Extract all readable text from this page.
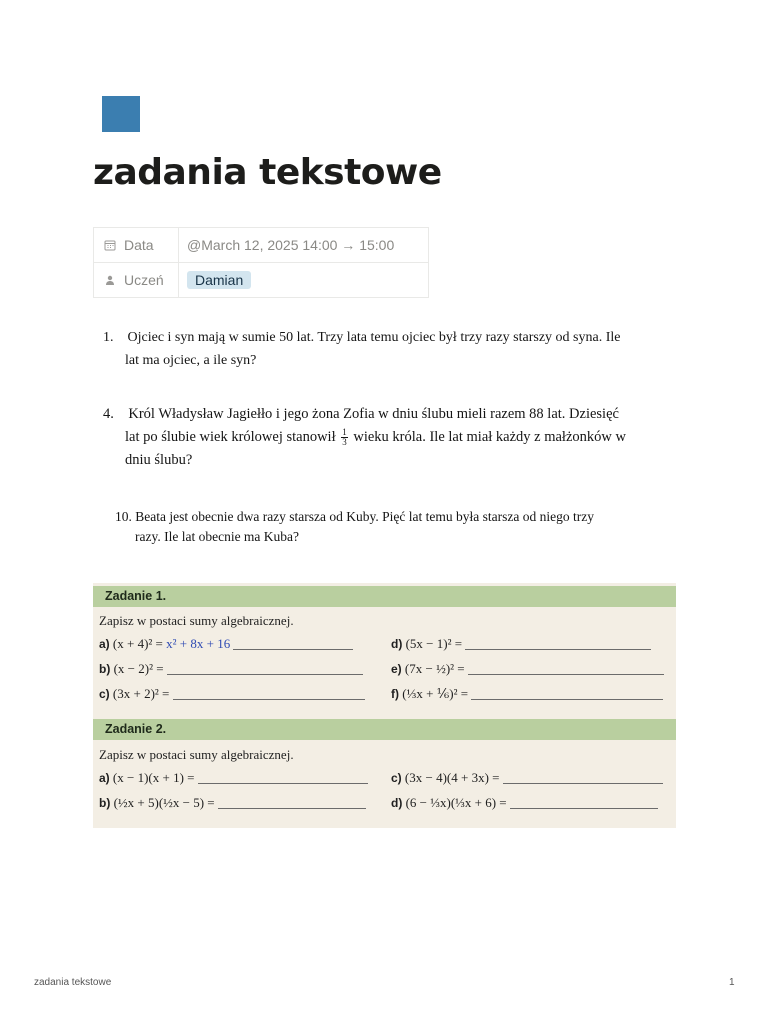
zadania tekstowe
Data	@March 12, 2025 14:00 → 15:00

Uczeń	Damian

1. Ojciec i syn mają w sumie 50 lat. Trzy lata temu ojciec był trzy razy starszy od syna. Ile

lat ma ojciec, a ile syn?

4. Król Władysław Jagiełło i jego żona Zofia w dniu ślubu mieli razem 88 lat. Dziesięć

lat po ślubie wiek królowej stanowił $\frac{1}{3}$ wieku króla. Ile lat miał każdy z małżonków w

dniu ślubu?

10. Beata jest obecnie dwa razy starsza od Kuby. Pięć lat temu była starsza od niego trzy

razy. Ile lat obecnie ma Kuba?

Zadanie 1.
Zapisz w postaci sumy algebraicznej.
a) (x + 4)² = x² + 8x + 16
b) (x − 2)² =
c) (3x + 2)² =
d) (5x − 1)² =
e) (7x − ½)² =
f) (⅓x + ⅙)² =
Zadanie 2.
Zapisz w postaci sumy algebraicznej.
a) (x − 1)(x + 1) =
b) (½x + 5)(½x − 5) =
c) (3x − 4)(4 + 3x) =
d) (6 − ⅓x)(⅓x + 6) =
zadania tekstowe	1
